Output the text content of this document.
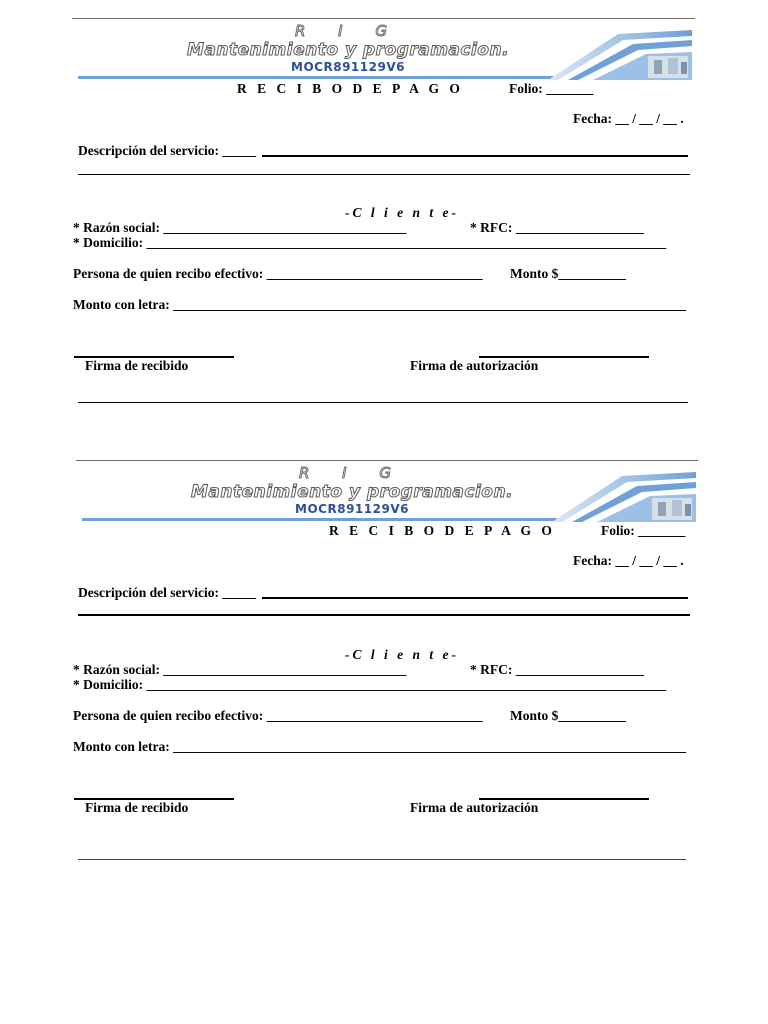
R I G
Mantenimiento y programacion.
MOCR891129V6
R E C I B O D E P A G O	Folio: _______
Fecha: __ / __ / __ .
Descripción del servicio: _____
-C l i e n t e-
* Razón social: ____________________________________	* RFC: ___________________
* Domicilio: _____________________________________________________________________________
Persona de quien recibo efectivo: ________________________________ Monto $__________
Monto con letra: ____________________________________________________________________________
Firma de recibido	Firma de autorización
R I G
Mantenimiento y programacion.
MOCR891129V6
R E C I B O D E P A G O	Folio: _______
Fecha: __ / __ / __ .
Descripción del servicio: _____
-C l i e n t e-
* Razón social: ____________________________________	* RFC: ___________________
* Domicilio: _____________________________________________________________________________
Persona de quien recibo efectivo: ________________________________ Monto $__________
Monto con letra: ____________________________________________________________________________
Firma de recibido	Firma de autorización
